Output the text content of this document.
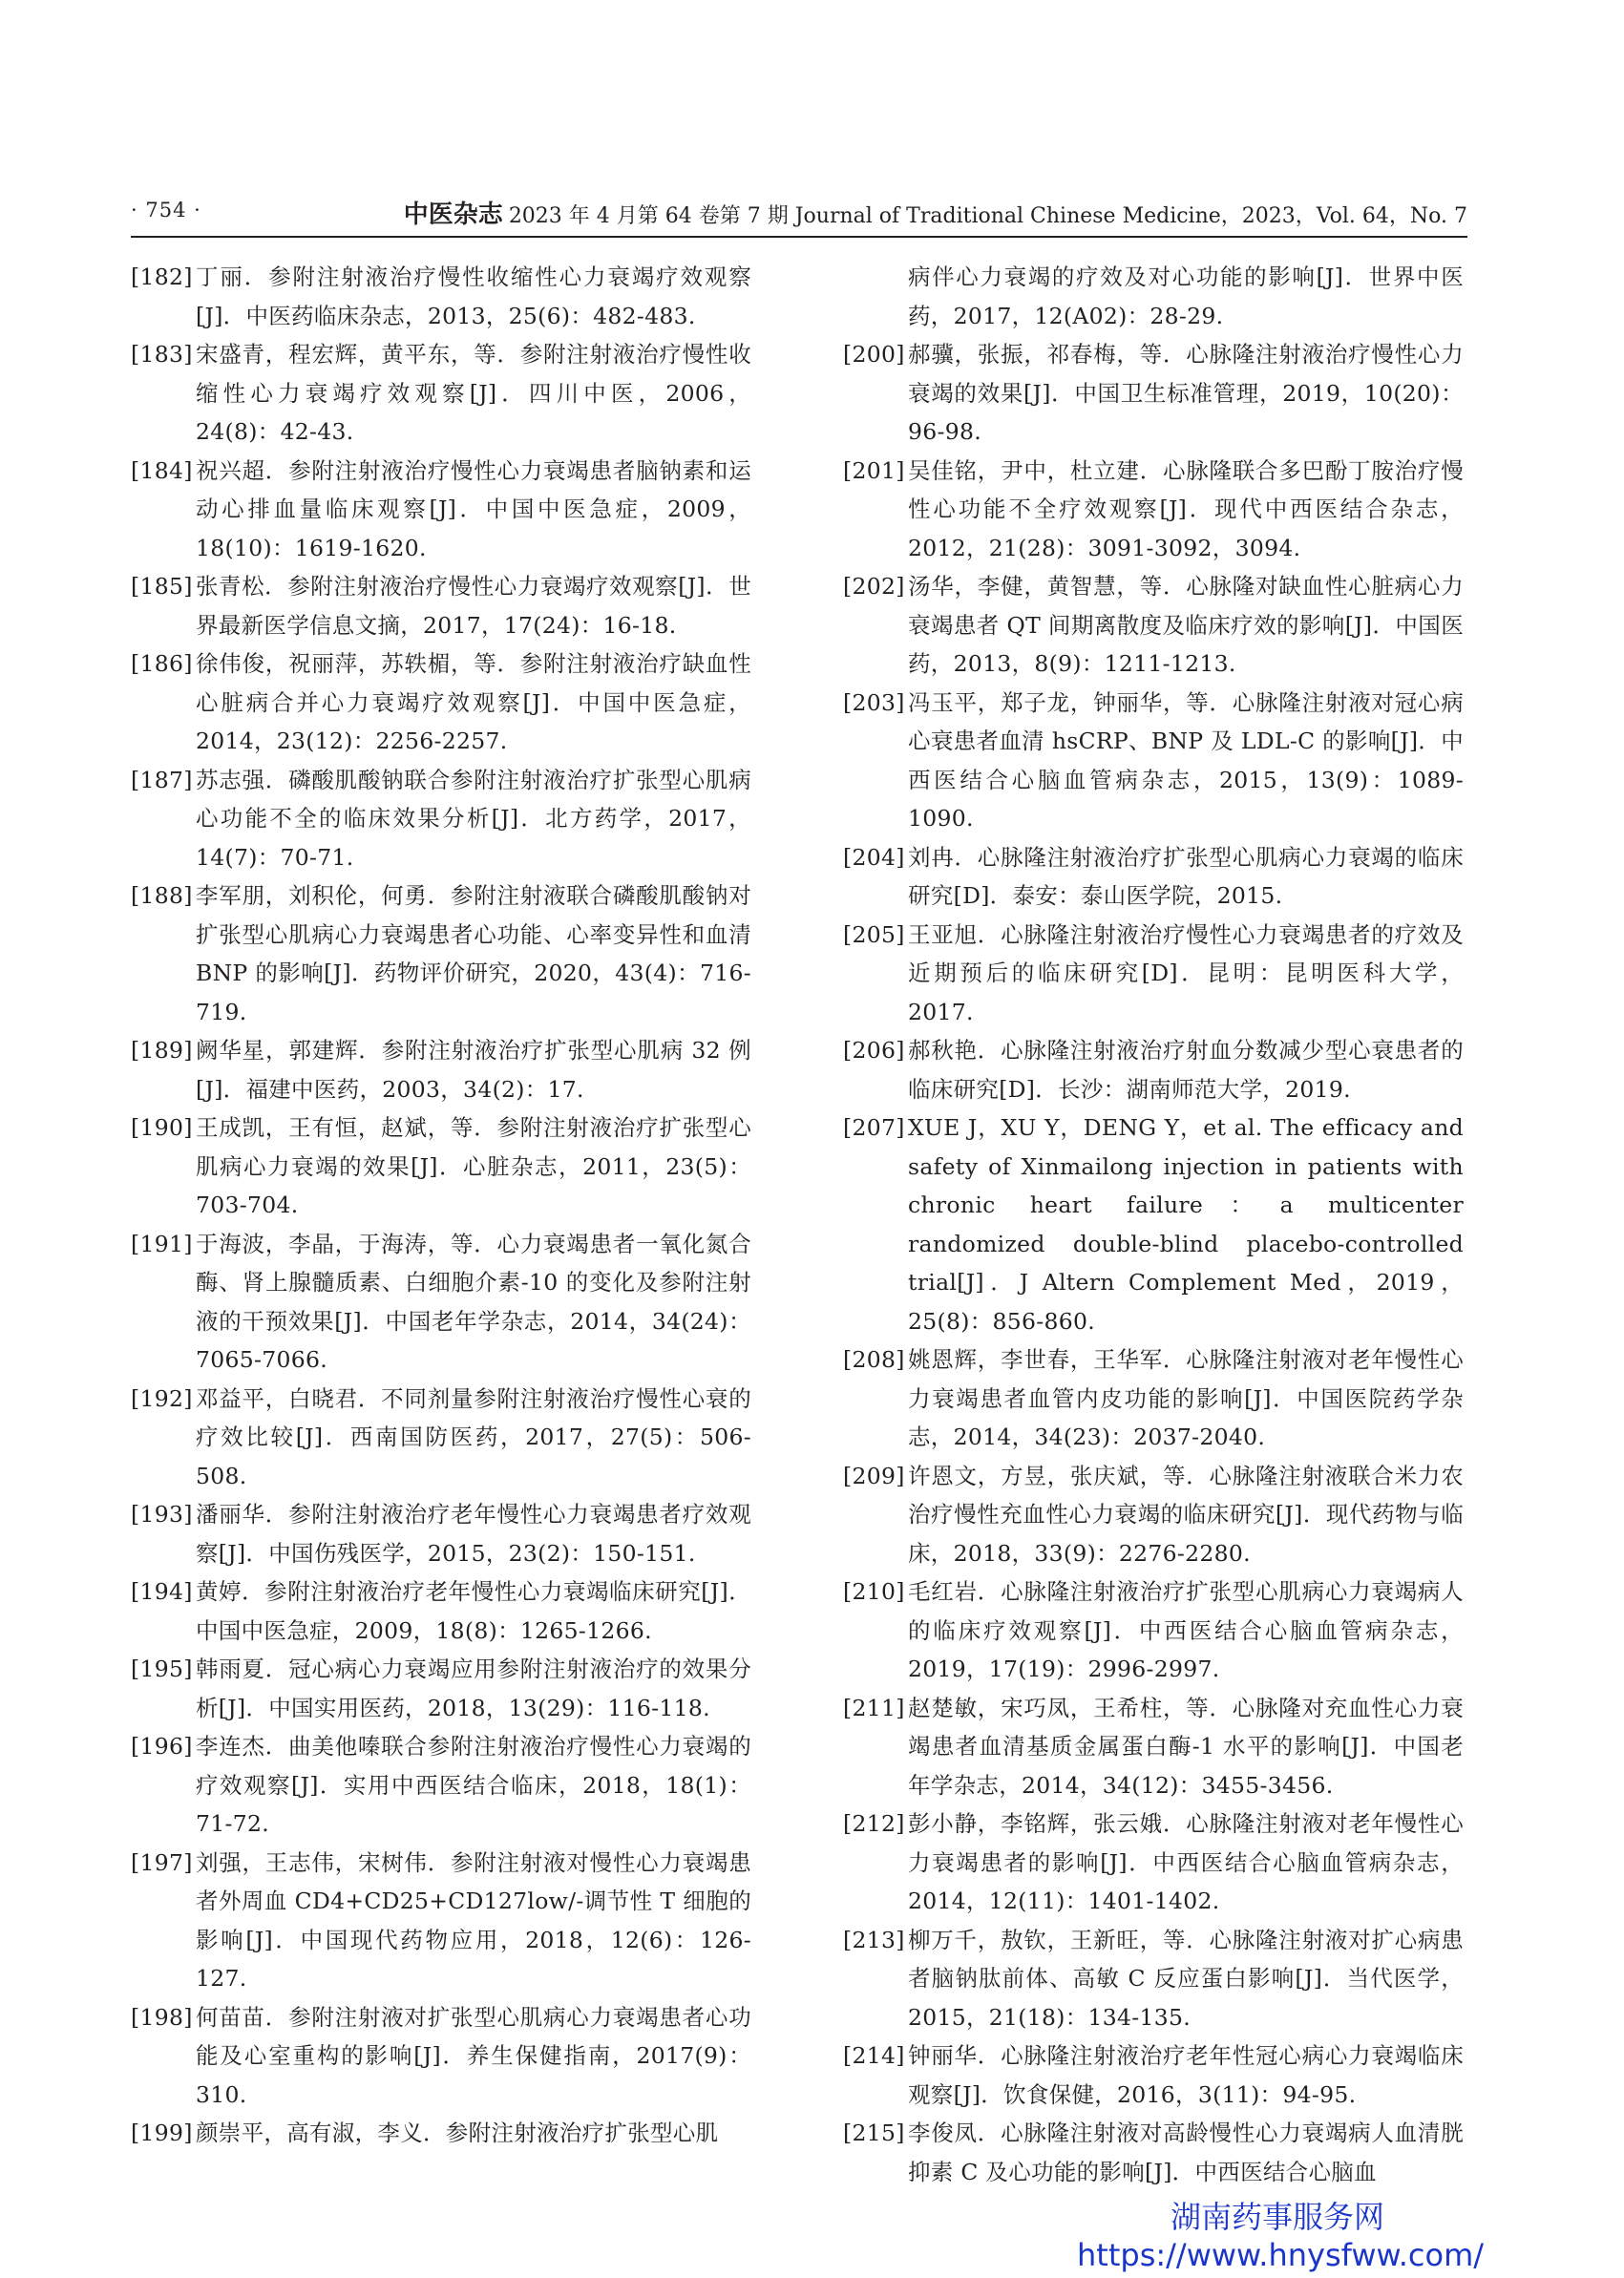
· 754 ·	中医杂志 2023 年 4 月第 64 卷第 7 期 Journal of Traditional Chinese Medicine，2023，Vol. 64，No. 7
[182] 丁丽．参附注射液治疗慢性收缩性心力衰竭疗效观察[J]．中医药临床杂志，2013，25(6)：482-483.
[183] 宋盛青，程宏辉，黄平东，等．参附注射液治疗慢性收缩性心力衰竭疗效观察[J]．四川中医，2006，24(8)：42-43.
[184] 祝兴超．参附注射液治疗慢性心力衰竭患者脑钠素和运动心排血量临床观察[J]．中国中医急症，2009，18(10)：1619-1620.
[185] 张青松．参附注射液治疗慢性心力衰竭疗效观察[J]．世界最新医学信息文摘，2017，17(24)：16-18.
[186] 徐伟俊，祝丽萍，苏轶楣，等．参附注射液治疗缺血性心脏病合并心力衰竭疗效观察[J]．中国中医急症，2014，23(12)：2256-2257.
[187] 苏志强．磷酸肌酸钠联合参附注射液治疗扩张型心肌病心功能不全的临床效果分析[J]．北方药学，2017，14(7)：70-71.
[188] 李军朋，刘积伦，何勇．参附注射液联合磷酸肌酸钠对扩张型心肌病心力衰竭患者心功能、心率变异性和血清 BNP 的影响[J]．药物评价研究，2020，43(4)：716-719.
[189] 阙华星，郭建辉．参附注射液治疗扩张型心肌病 32 例[J]．福建中医药，2003，34(2)：17.
[190] 王成凯，王有恒，赵斌，等．参附注射液治疗扩张型心肌病心力衰竭的效果[J]．心脏杂志，2011，23(5)：703-704.
[191] 于海波，李晶，于海涛，等．心力衰竭患者一氧化氮合酶、肾上腺髓质素、白细胞介素-10 的变化及参附注射液的干预效果[J]．中国老年学杂志，2014，34(24)：7065-7066.
[192] 邓益平，白晓君．不同剂量参附注射液治疗慢性心衰的疗效比较[J]．西南国防医药，2017，27(5)：506-508.
[193] 潘丽华．参附注射液治疗老年慢性心力衰竭患者疗效观察[J]．中国伤残医学，2015，23(2)：150-151.
[194] 黄婷．参附注射液治疗老年慢性心力衰竭临床研究[J]．中国中医急症，2009，18(8)：1265-1266.
[195] 韩雨夏．冠心病心力衰竭应用参附注射液治疗的效果分析[J]．中国实用医药，2018，13(29)：116-118.
[196] 李连杰．曲美他嗪联合参附注射液治疗慢性心力衰竭的疗效观察[J]．实用中西医结合临床，2018，18(1)：71-72.
[197] 刘强，王志伟，宋树伟．参附注射液对慢性心力衰竭患者外周血 CD4+CD25+CD127low/-调节性 T 细胞的影响[J]．中国现代药物应用，2018，12(6)：126-127.
[198] 何苗苗．参附注射液对扩张型心肌病心力衰竭患者心功能及心室重构的影响[J]．养生保健指南，2017(9)：310.
[199] 颜崇平，高有淑，李义．参附注射液治疗扩张型心肌
病伴心力衰竭的疗效及对心功能的影响[J]．世界中医药，2017，12(A02)：28-29.
[200] 郝骥，张振，祁春梅，等．心脉隆注射液治疗慢性心力衰竭的效果[J]．中国卫生标准管理，2019，10(20)：96-98.
[201] 吴佳铭，尹中，杜立建．心脉隆联合多巴酚丁胺治疗慢性心功能不全疗效观察[J]．现代中西医结合杂志，2012，21(28)：3091-3092，3094.
[202] 汤华，李健，黄智慧，等．心脉隆对缺血性心脏病心力衰竭患者 QT 间期离散度及临床疗效的影响[J]．中国医药，2013，8(9)：1211-1213.
[203] 冯玉平，郑子龙，钟丽华，等．心脉隆注射液对冠心病心衰患者血清 hsCRP、BNP 及 LDL-C 的影响[J]．中西医结合心脑血管病杂志，2015，13(9)：1089-1090.
[204] 刘冉．心脉隆注射液治疗扩张型心肌病心力衰竭的临床研究[D]．泰安：泰山医学院，2015.
[205] 王亚旭．心脉隆注射液治疗慢性心力衰竭患者的疗效及近期预后的临床研究[D]．昆明：昆明医科大学，2017.
[206] 郝秋艳．心脉隆注射液治疗射血分数减少型心衰患者的临床研究[D]．长沙：湖南师范大学，2019.
[207] XUE J，XU Y，DENG Y，et al. The efficacy and safety of Xinmailong injection in patients with chronic heart failure：a multicenter randomized double-blind placebo-controlled trial[J]．J Altern Complement Med，2019，25(8)：856-860.
[208] 姚恩辉，李世春，王华军．心脉隆注射液对老年慢性心力衰竭患者血管内皮功能的影响[J]．中国医院药学杂志，2014，34(23)：2037-2040.
[209] 许恩文，方昱，张庆斌，等．心脉隆注射液联合米力农治疗慢性充血性心力衰竭的临床研究[J]．现代药物与临床，2018，33(9)：2276-2280.
[210] 毛红岩．心脉隆注射液治疗扩张型心肌病心力衰竭病人的临床疗效观察[J]．中西医结合心脑血管病杂志，2019，17(19)：2996-2997.
[211] 赵楚敏，宋巧凤，王希柱，等．心脉隆对充血性心力衰竭患者血清基质金属蛋白酶-1 水平的影响[J]．中国老年学杂志，2014，34(12)：3455-3456.
[212] 彭小静，李铭辉，张云娥．心脉隆注射液对老年慢性心力衰竭患者的影响[J]．中西医结合心脑血管病杂志，2014，12(11)：1401-1402.
[213] 柳万千，敖钦，王新旺，等．心脉隆注射液对扩心病患者脑钠肽前体、高敏 C 反应蛋白影响[J]．当代医学，2015，21(18)：134-135.
[214] 钟丽华．心脉隆注射液治疗老年性冠心病心力衰竭临床观察[J]．饮食保健，2016，3(11)：94-95.
[215] 李俊凤．心脉隆注射液对高龄慢性心力衰竭病人血清胱抑素 C 及心功能的影响[J]．中西医结合心脑血
湖南药事服务网
https://www.hnysfww.com/
